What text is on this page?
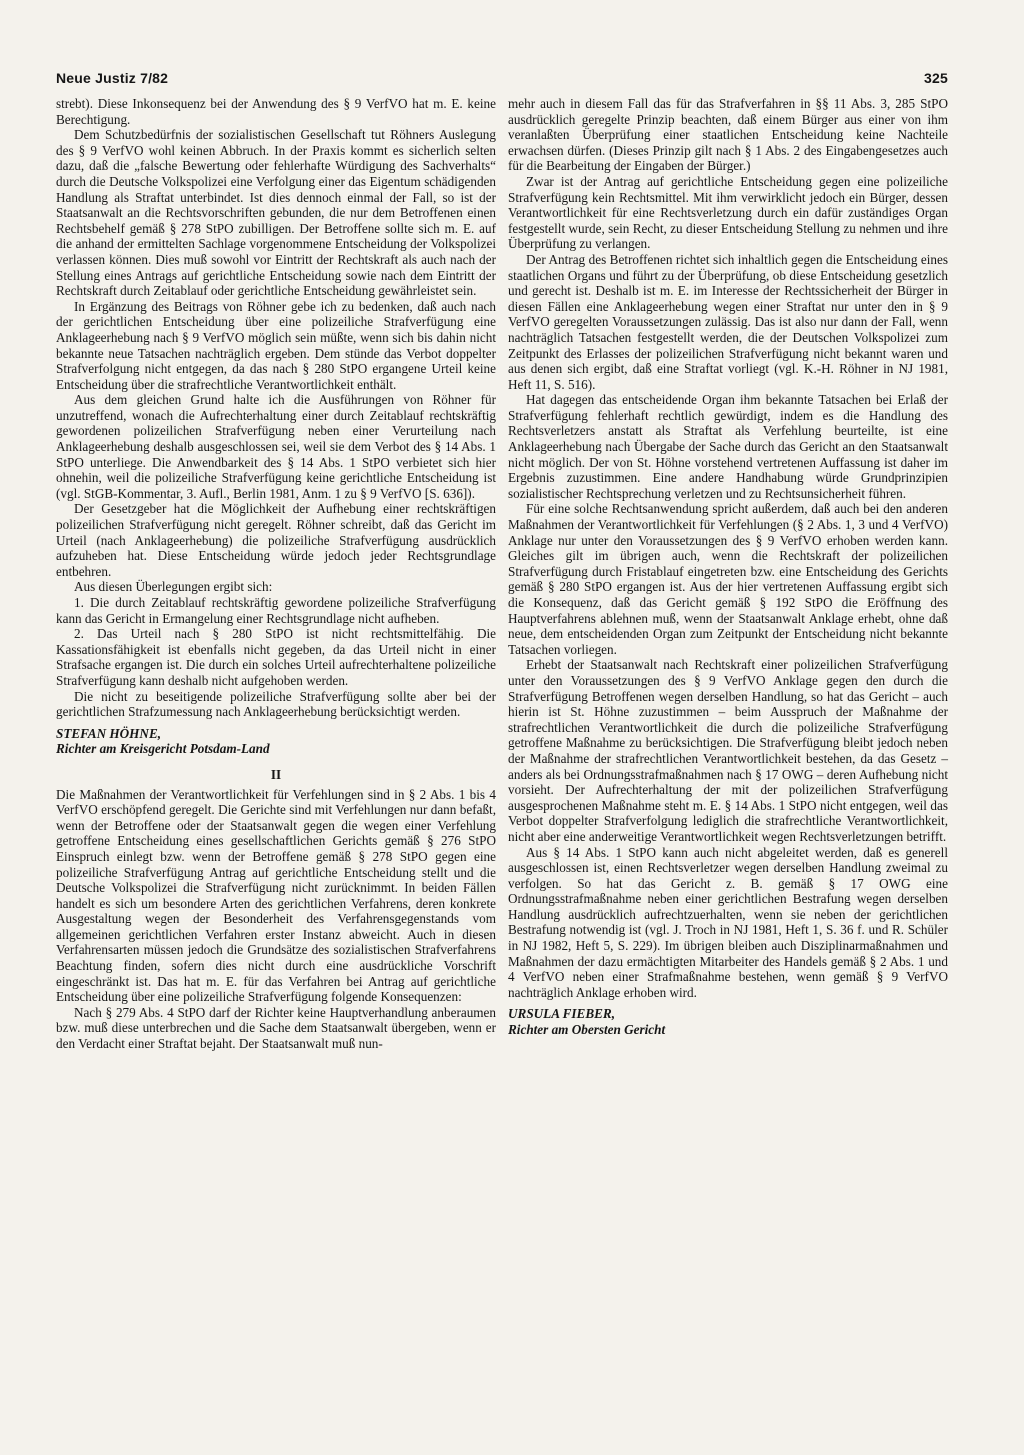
Neue Justiz 7/82	325

strebt). Diese Inkonsequenz bei der Anwendung des § 9 VerfVO hat m. E. keine Berechtigung.

Dem Schutzbedürfnis der sozialistischen Gesellschaft tut Röhners Auslegung des § 9 VerfVO wohl keinen Abbruch. In der Praxis kommt es sicherlich selten dazu, daß die „falsche Bewertung oder fehlerhafte Würdigung des Sachverhalts“ durch die Deutsche Volkspolizei eine Verfolgung einer das Eigentum schädigenden Handlung als Straftat unterbindet. Ist dies dennoch einmal der Fall, so ist der Staatsanwalt an die Rechtsvorschriften gebunden, die nur dem Betroffenen einen Rechtsbehelf gemäß § 278 StPO zubilligen. Der Betroffene sollte sich m. E. auf die anhand der ermittelten Sachlage vorgenommene Entscheidung der Volkspolizei verlassen können. Dies muß sowohl vor Eintritt der Rechtskraft als auch nach der Stellung eines Antrags auf gerichtliche Entscheidung sowie nach dem Eintritt der Rechtskraft durch Zeitablauf oder gerichtliche Entscheidung gewährleistet sein.

In Ergänzung des Beitrags von Röhner gebe ich zu bedenken, daß auch nach der gerichtlichen Entscheidung über eine polizeiliche Strafverfügung eine Anklageerhebung nach § 9 VerfVO möglich sein müßte, wenn sich bis dahin nicht bekannte neue Tatsachen nachträglich ergeben. Dem stünde das Verbot doppelter Strafverfolgung nicht entgegen, da das nach § 280 StPO ergangene Urteil keine Entscheidung über die strafrechtliche Verantwortlichkeit enthält.

Aus dem gleichen Grund halte ich die Ausführungen von Röhner für unzutreffend, wonach die Aufrechterhaltung einer durch Zeitablauf rechtskräftig gewordenen polizeilichen Strafverfügung neben einer Verurteilung nach Anklageerhebung deshalb ausgeschlossen sei, weil sie dem Verbot des § 14 Abs. 1 StPO unterliege. Die Anwendbarkeit des § 14 Abs. 1 StPO verbietet sich hier ohnehin, weil die polizeiliche Strafverfügung keine gerichtliche Entscheidung ist (vgl. StGB-Kommentar, 3. Aufl., Berlin 1981, Anm. 1 zu § 9 VerfVO [S. 636]).

Der Gesetzgeber hat die Möglichkeit der Aufhebung einer rechtskräftigen polizeilichen Strafverfügung nicht geregelt. Röhner schreibt, daß das Gericht im Urteil (nach Anklageerhebung) die polizeiliche Strafverfügung ausdrücklich aufzuheben hat. Diese Entscheidung würde jedoch jeder Rechtsgrundlage entbehren.

Aus diesen Überlegungen ergibt sich:

1. Die durch Zeitablauf rechtskräftig gewordene polizeiliche Strafverfügung kann das Gericht in Ermangelung einer Rechtsgrundlage nicht aufheben.

2. Das Urteil nach § 280 StPO ist nicht rechtsmittelfähig. Die Kassationsfähigkeit ist ebenfalls nicht gegeben, da das Urteil nicht in einer Strafsache ergangen ist. Die durch ein solches Urteil aufrechterhaltene polizeiliche Strafverfügung kann deshalb nicht aufgehoben werden.

Die nicht zu beseitigende polizeiliche Strafverfügung sollte aber bei der gerichtlichen Strafzumessung nach Anklageerhebung berücksichtigt werden.

STEFAN HÖHNE,

Richter am Kreisgericht Potsdam-Land

II

Die Maßnahmen der Verantwortlichkeit für Verfehlungen sind in § 2 Abs. 1 bis 4 VerfVO erschöpfend geregelt. Die Gerichte sind mit Verfehlungen nur dann befaßt, wenn der Betroffene oder der Staatsanwalt gegen die wegen einer Verfehlung getroffene Entscheidung eines gesellschaftlichen Gerichts gemäß § 276 StPO Einspruch einlegt bzw. wenn der Betroffene gemäß § 278 StPO gegen eine polizeiliche Strafverfügung Antrag auf gerichtliche Entscheidung stellt und die Deutsche Volkspolizei die Strafverfügung nicht zurücknimmt. In beiden Fällen handelt es sich um besondere Arten des gerichtlichen Verfahrens, deren konkrete Ausgestaltung wegen der Besonderheit des Verfahrensgegenstands vom allgemeinen gerichtlichen Verfahren erster Instanz abweicht. Auch in diesen Verfahrensarten müssen jedoch die Grundsätze des sozialistischen Strafverfahrens Beachtung finden, sofern dies nicht durch eine ausdrückliche Vorschrift eingeschränkt ist. Das hat m. E. für das Verfahren bei Antrag auf gerichtliche Entscheidung über eine polizeiliche Strafverfügung folgende Konsequenzen:

Nach § 279 Abs. 4 StPO darf der Richter keine Hauptverhandlung anberaumen bzw. muß diese unterbrechen und die Sache dem Staatsanwalt übergeben, wenn er den Verdacht einer Straftat bejaht. Der Staatsanwalt muß nun-

mehr auch in diesem Fall das für das Strafverfahren in §§ 11 Abs. 3, 285 StPO ausdrücklich geregelte Prinzip beachten, daß einem Bürger aus einer von ihm veranlaßten Überprüfung einer staatlichen Entscheidung keine Nachteile erwachsen dürfen. (Dieses Prinzip gilt nach § 1 Abs. 2 des Eingabengesetzes auch für die Bearbeitung der Eingaben der Bürger.)

Zwar ist der Antrag auf gerichtliche Entscheidung gegen eine polizeiliche Strafverfügung kein Rechtsmittel. Mit ihm verwirklicht jedoch ein Bürger, dessen Verantwortlichkeit für eine Rechtsverletzung durch ein dafür zuständiges Organ festgestellt wurde, sein Recht, zu dieser Entscheidung Stellung zu nehmen und ihre Überprüfung zu verlangen.

Der Antrag des Betroffenen richtet sich inhaltlich gegen die Entscheidung eines staatlichen Organs und führt zu der Überprüfung, ob diese Entscheidung gesetzlich und gerecht ist. Deshalb ist m. E. im Interesse der Rechtssicherheit der Bürger in diesen Fällen eine Anklageerhebung wegen einer Straftat nur unter den in § 9 VerfVO geregelten Voraussetzungen zulässig. Das ist also nur dann der Fall, wenn nachträglich Tatsachen festgestellt werden, die der Deutschen Volkspolizei zum Zeitpunkt des Erlasses der polizeilichen Strafverfügung nicht bekannt waren und aus denen sich ergibt, daß eine Straftat vorliegt (vgl. K.-H. Röhner in NJ 1981, Heft 11, S. 516).

Hat dagegen das entscheidende Organ ihm bekannte Tatsachen bei Erlaß der Strafverfügung fehlerhaft rechtlich gewürdigt, indem es die Handlung des Rechtsverletzers anstatt als Straftat als Verfehlung beurteilte, ist eine Anklageerhebung nach Übergabe der Sache durch das Gericht an den Staatsanwalt nicht möglich. Der von St. Höhne vorstehend vertretenen Auffassung ist daher im Ergebnis zuzustimmen. Eine andere Handhabung würde Grundprinzipien sozialistischer Rechtsprechung verletzen und zu Rechtsunsicherheit führen.

Für eine solche Rechtsanwendung spricht außerdem, daß auch bei den anderen Maßnahmen der Verantwortlichkeit für Verfehlungen (§ 2 Abs. 1, 3 und 4 VerfVO) Anklage nur unter den Voraussetzungen des § 9 VerfVO erhoben werden kann. Gleiches gilt im übrigen auch, wenn die Rechtskraft der polizeilichen Strafverfügung durch Fristablauf eingetreten bzw. eine Entscheidung des Gerichts gemäß § 280 StPO ergangen ist. Aus der hier vertretenen Auffassung ergibt sich die Konsequenz, daß das Gericht gemäß § 192 StPO die Eröffnung des Hauptverfahrens ablehnen muß, wenn der Staatsanwalt Anklage erhebt, ohne daß neue, dem entscheidenden Organ zum Zeitpunkt der Entscheidung nicht bekannte Tatsachen vorliegen.

Erhebt der Staatsanwalt nach Rechtskraft einer polizeilichen Strafverfügung unter den Voraussetzungen des § 9 VerfVO Anklage gegen den durch die Strafverfügung Betroffenen wegen derselben Handlung, so hat das Gericht – auch hierin ist St. Höhne zuzustimmen – beim Ausspruch der Maßnahme der strafrechtlichen Verantwortlichkeit die durch die polizeiliche Strafverfügung getroffene Maßnahme zu berücksichtigen. Die Strafverfügung bleibt jedoch neben der Maßnahme der strafrechtlichen Verantwortlichkeit bestehen, da das Gesetz – anders als bei Ordnungsstrafmaßnahmen nach § 17 OWG – deren Aufhebung nicht vorsieht. Der Aufrechterhaltung der mit der polizeilichen Strafverfügung ausgesprochenen Maßnahme steht m. E. § 14 Abs. 1 StPO nicht entgegen, weil das Verbot doppelter Strafverfolgung lediglich die strafrechtliche Verantwortlichkeit, nicht aber eine anderweitige Verantwortlichkeit wegen Rechtsverletzungen betrifft.

Aus § 14 Abs. 1 StPO kann auch nicht abgeleitet werden, daß es generell ausgeschlossen ist, einen Rechtsverletzer wegen derselben Handlung zweimal zu verfolgen. So hat das Gericht z. B. gemäß § 17 OWG eine Ordnungsstrafmaßnahme neben einer gerichtlichen Bestrafung wegen derselben Handlung ausdrücklich aufrechtzuerhalten, wenn sie neben der gerichtlichen Bestrafung notwendig ist (vgl. J. Troch in NJ 1981, Heft 1, S. 36 f. und R. Schüler in NJ 1982, Heft 5, S. 229). Im übrigen bleiben auch Disziplinarmaßnahmen und Maßnahmen der dazu ermächtigten Mitarbeiter des Handels gemäß § 2 Abs. 1 und 4 VerfVO neben einer Strafmaßnahme bestehen, wenn gemäß § 9 VerfVO nachträglich Anklage erhoben wird.

URSULA FIEBER,

Richter am Obersten Gericht
